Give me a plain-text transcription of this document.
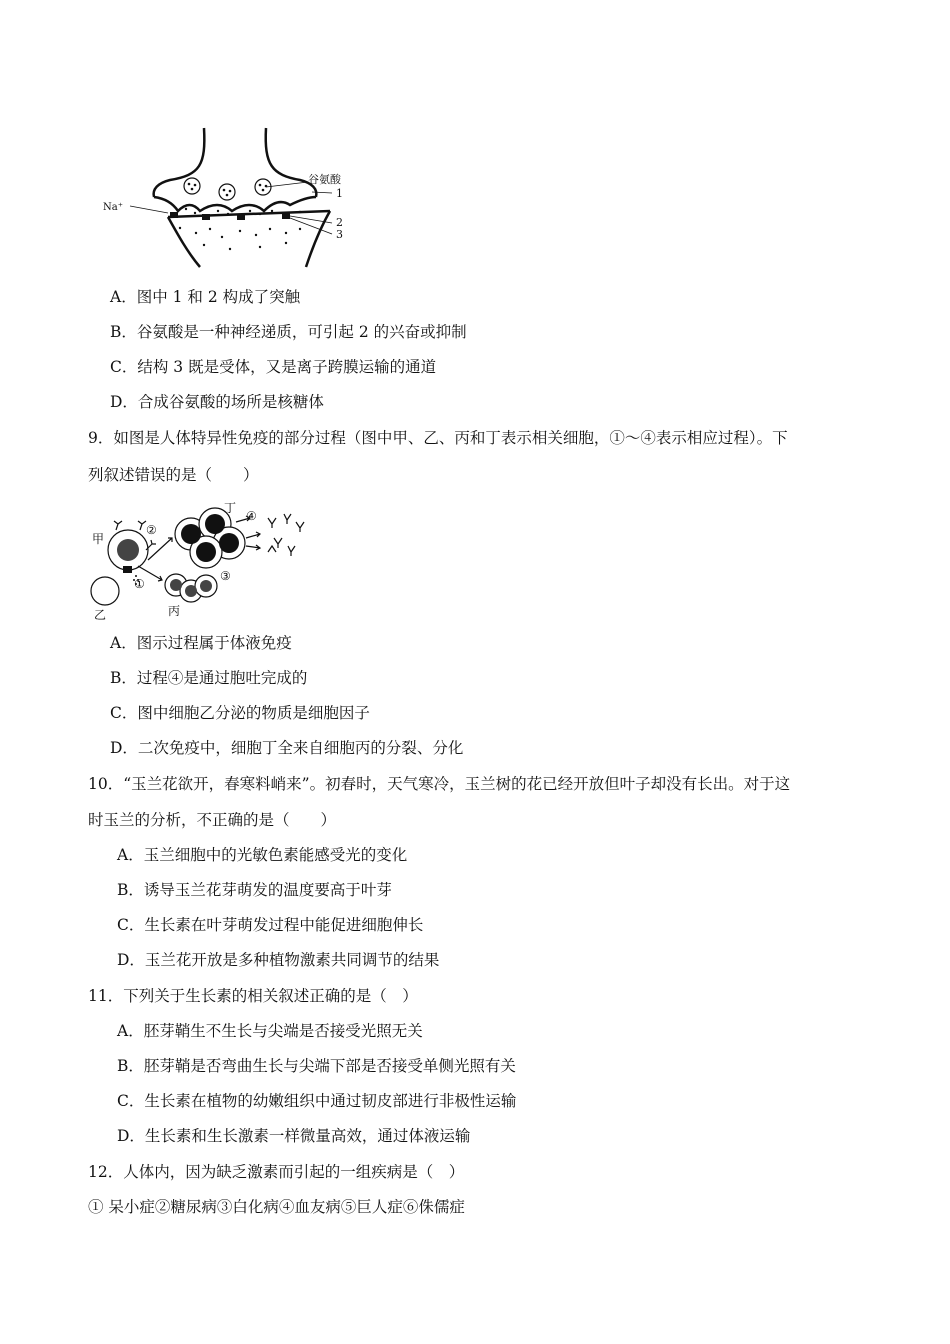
谷氨酸
Na⁺
1
2
3
A．图中 1 和 2 构成了突触
B．谷氨酸是一种神经递质，可引起 2 的兴奋或抑制
C．结构 3 既是受体，又是离子跨膜运输的通道
D．合成谷氨酸的场所是核糖体
9．如图是人体特异性免疫的部分过程（图中甲、乙、丙和丁表示相关细胞，①～④表示相应过程）。下
列叙述错误的是（　　）
甲
乙	丙
丁
①
②
③
④
A．图示过程属于体液免疫
B．过程④是通过胞吐完成的
C．图中细胞乙分泌的物质是细胞因子
D．二次免疫中，细胞丁全来自细胞丙的分裂、分化
10．“玉兰花欲开，春寒料峭来”。初春时，天气寒冷，玉兰树的花已经开放但叶子却没有长出。对于这
时玉兰的分析，不正确的是（　　）
A．玉兰细胞中的光敏色素能感受光的变化
B．诱导玉兰花芽萌发的温度要高于叶芽
C．生长素在叶芽萌发过程中能促进细胞伸长
D．玉兰花开放是多种植物激素共同调节的结果
11．下列关于生长素的相关叙述正确的是（　）
A．胚芽鞘生不生长与尖端是否接受光照无关
B．胚芽鞘是否弯曲生长与尖端下部是否接受单侧光照有关
C．生长素在植物的幼嫩组织中通过韧皮部进行非极性运输
D．生长素和生长激素一样微量高效，通过体液运输
12．人体内，因为缺乏激素而引起的一组疾病是（　）
① 呆小症②糖尿病③白化病④血友病⑤巨人症⑥侏儒症
